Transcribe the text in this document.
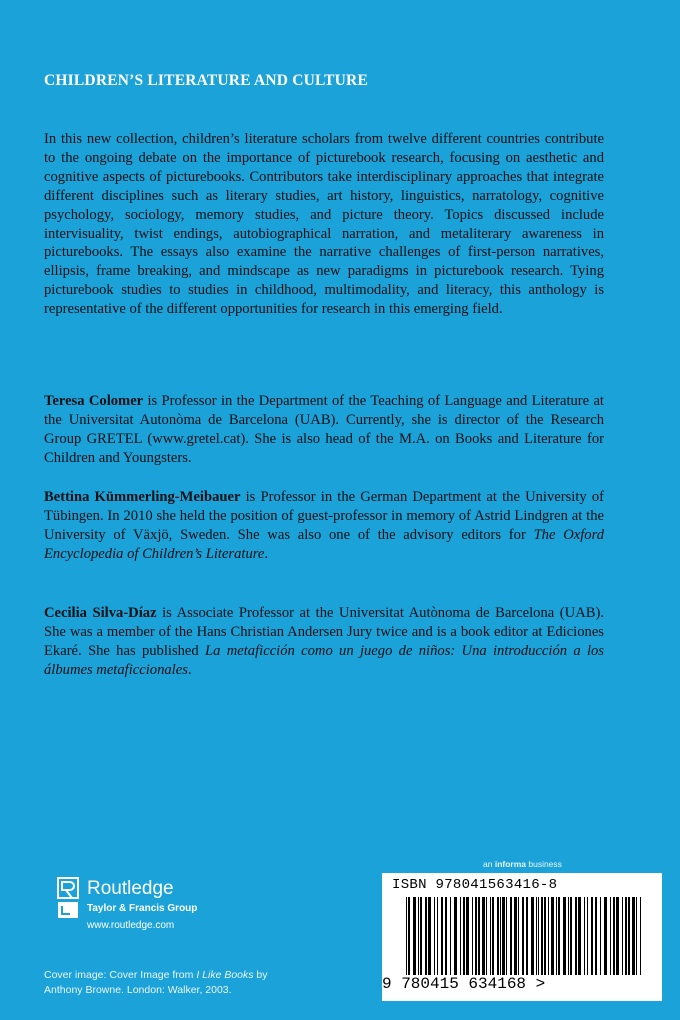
CHILDREN’S LITERATURE AND CULTURE
In this new collection, children’s literature scholars from twelve different countries contribute to the ongoing debate on the importance of picturebook research, focusing on aesthetic and cognitive aspects of picturebooks. Contributors take interdisciplinary approaches that integrate different disciplines such as literary studies, art history, linguistics, narratology, cognitive psychology, sociology, memory studies, and picture theory. Topics discussed include intervisuality, twist endings, autobiographical narration, and metaliterary awareness in picturebooks. The essays also examine the narrative challenges of first-person narratives, ellipsis, frame breaking, and mindscape as new paradigms in picturebook research. Tying picturebook studies to studies in childhood, multimodality, and literacy, this anthology is representative of the different opportunities for research in this emerging field.
Teresa Colomer is Professor in the Department of the Teaching of Language and Literature at the Universitat Autonòma de Barcelona (UAB). Currently, she is director of the Research Group GRETEL (www.gretel.cat). She is also head of the M.A. on Books and Literature for Children and Youngsters.
Bettina Kümmerling-Meibauer is Professor in the German Department at the University of Tübingen. In 2010 she held the position of guest-professor in memory of Astrid Lindgren at the University of Växjö, Sweden. She was also one of the advisory editors for The Oxford Encyclopedia of Children’s Literature.
Cecilia Silva-Díaz is Associate Professor at the Universitat Autònoma de Barcelona (UAB). She was a member of the Hans Christian Andersen Jury twice and is a book editor at Ediciones Ekaré. She has published La metaficción como un juego de niños: Una introducción a los álbumes metaficcionales.
Routledge
Taylor & Francis Group
www.routledge.com
Cover image: Cover Image from I Like Books by Anthony Browne. London: Walker, 2003.
an informa business
ISBN 978041563416-8
9 780415 634168 >
